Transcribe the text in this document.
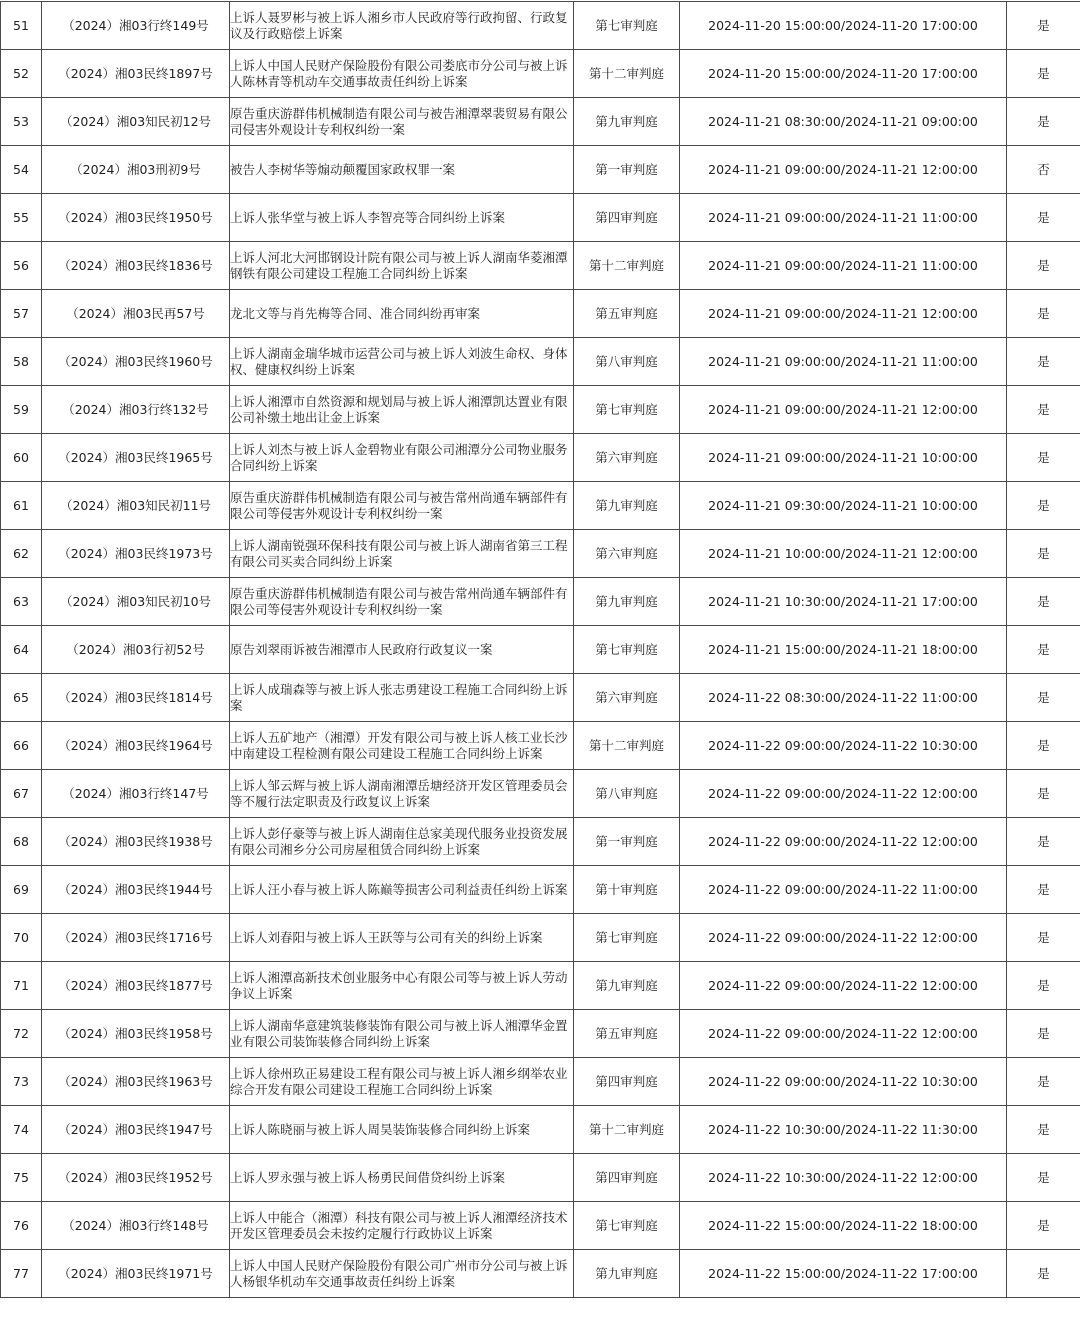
51	（2024）湘03行终149号	上诉人聂罗彬与被上诉人湘乡市人民政府等行政拘留、行政复议及行政赔偿上诉案	第七审判庭	2024-11-20 15:00:00/2024-11-20 17:00:00	是
52	（2024）湘03民终1897号	上诉人中国人民财产保险股份有限公司娄底市分公司与被上诉人陈林青等机动车交通事故责任纠纷上诉案	第十二审判庭	2024-11-20 15:00:00/2024-11-20 17:00:00	是
53	（2024）湘03知民初12号	原告重庆游群伟机械制造有限公司与被告湘潭翠裴贸易有限公司侵害外观设计专利权纠纷一案	第九审判庭	2024-11-21 08:30:00/2024-11-21 09:00:00	是
54	（2024）湘03刑初9号	被告人李树华等煽动颠覆国家政权罪一案	第一审判庭	2024-11-21 09:00:00/2024-11-21 12:00:00	否
55	（2024）湘03民终1950号	上诉人张华堂与被上诉人李智亮等合同纠纷上诉案	第四审判庭	2024-11-21 09:00:00/2024-11-21 11:00:00	是
56	（2024）湘03民终1836号	上诉人河北大河邯钢设计院有限公司与被上诉人湖南华菱湘潭钢铁有限公司建设工程施工合同纠纷上诉案	第十二审判庭	2024-11-21 09:00:00/2024-11-21 11:00:00	是
57	（2024）湘03民再57号	龙北文等与肖先梅等合同、准合同纠纷再审案	第五审判庭	2024-11-21 09:00:00/2024-11-21 12:00:00	是
58	（2024）湘03民终1960号	上诉人湖南金瑞华城市运营公司与被上诉人刘波生命权、身体权、健康权纠纷上诉案	第八审判庭	2024-11-21 09:00:00/2024-11-21 11:00:00	是
59	（2024）湘03行终132号	上诉人湘潭市自然资源和规划局与被上诉人湘潭凯达置业有限公司补缴土地出让金上诉案	第七审判庭	2024-11-21 09:00:00/2024-11-21 12:00:00	是
60	（2024）湘03民终1965号	上诉人刘杰与被上诉人金碧物业有限公司湘潭分公司物业服务合同纠纷上诉案	第六审判庭	2024-11-21 09:00:00/2024-11-21 10:00:00	是
61	（2024）湘03知民初11号	原告重庆游群伟机械制造有限公司与被告常州尚通车辆部件有限公司等侵害外观设计专利权纠纷一案	第九审判庭	2024-11-21 09:30:00/2024-11-21 10:00:00	是
62	（2024）湘03民终1973号	上诉人湖南锐强环保科技有限公司与被上诉人湖南省第三工程有限公司买卖合同纠纷上诉案	第六审判庭	2024-11-21 10:00:00/2024-11-21 12:00:00	是
63	（2024）湘03知民初10号	原告重庆游群伟机械制造有限公司与被告常州尚通车辆部件有限公司等侵害外观设计专利权纠纷一案	第九审判庭	2024-11-21 10:30:00/2024-11-21 17:00:00	是
64	（2024）湘03行初52号	原告刘翠雨诉被告湘潭市人民政府行政复议一案	第七审判庭	2024-11-21 15:00:00/2024-11-21 18:00:00	是
65	（2024）湘03民终1814号	上诉人成瑞森等与被上诉人张志勇建设工程施工合同纠纷上诉案	第六审判庭	2024-11-22 08:30:00/2024-11-22 11:00:00	是
66	（2024）湘03民终1964号	上诉人五矿地产（湘潭）开发有限公司与被上诉人核工业长沙中南建设工程检测有限公司建设工程施工合同纠纷上诉案	第十二审判庭	2024-11-22 09:00:00/2024-11-22 10:30:00	是
67	（2024）湘03行终147号	上诉人邹云辉与被上诉人湖南湘潭岳塘经济开发区管理委员会等不履行法定职责及行政复议上诉案	第八审判庭	2024-11-22 09:00:00/2024-11-22 12:00:00	是
68	（2024）湘03民终1938号	上诉人彭仔豪等与被上诉人湖南住总家美现代服务业投资发展有限公司湘乡分公司房屋租赁合同纠纷上诉案	第一审判庭	2024-11-22 09:00:00/2024-11-22 12:00:00	是
69	（2024）湘03民终1944号	上诉人汪小春与被上诉人陈巅等损害公司利益责任纠纷上诉案	第十审判庭	2024-11-22 09:00:00/2024-11-22 11:00:00	是
70	（2024）湘03民终1716号	上诉人刘春阳与被上诉人王跃等与公司有关的纠纷上诉案	第七审判庭	2024-11-22 09:00:00/2024-11-22 12:00:00	是
71	（2024）湘03民终1877号	上诉人湘潭高新技术创业服务中心有限公司等与被上诉人劳动争议上诉案	第九审判庭	2024-11-22 09:00:00/2024-11-22 12:00:00	是
72	（2024）湘03民终1958号	上诉人湖南华意建筑装修装饰有限公司与被上诉人湘潭华金置业有限公司装饰装修合同纠纷上诉案	第五审判庭	2024-11-22 09:00:00/2024-11-22 12:00:00	是
73	（2024）湘03民终1963号	上诉人徐州玖正易建设工程有限公司与被上诉人湘乡纲举农业综合开发有限公司建设工程施工合同纠纷上诉案	第四审判庭	2024-11-22 09:00:00/2024-11-22 10:30:00	是
74	（2024）湘03民终1947号	上诉人陈晓丽与被上诉人周昊装饰装修合同纠纷上诉案	第十二审判庭	2024-11-22 10:30:00/2024-11-22 11:30:00	是
75	（2024）湘03民终1952号	上诉人罗永强与被上诉人杨勇民间借贷纠纷上诉案	第四审判庭	2024-11-22 10:30:00/2024-11-22 12:00:00	是
76	（2024）湘03行终148号	上诉人中能合（湘潭）科技有限公司与被上诉人湘潭经济技术开发区管理委员会未按约定履行行政协议上诉案	第七审判庭	2024-11-22 15:00:00/2024-11-22 18:00:00	是
77	（2024）湘03民终1971号	上诉人中国人民财产保险股份有限公司广州市分公司与被上诉人杨银华机动车交通事故责任纠纷上诉案	第九审判庭	2024-11-22 15:00:00/2024-11-22 17:00:00	是
